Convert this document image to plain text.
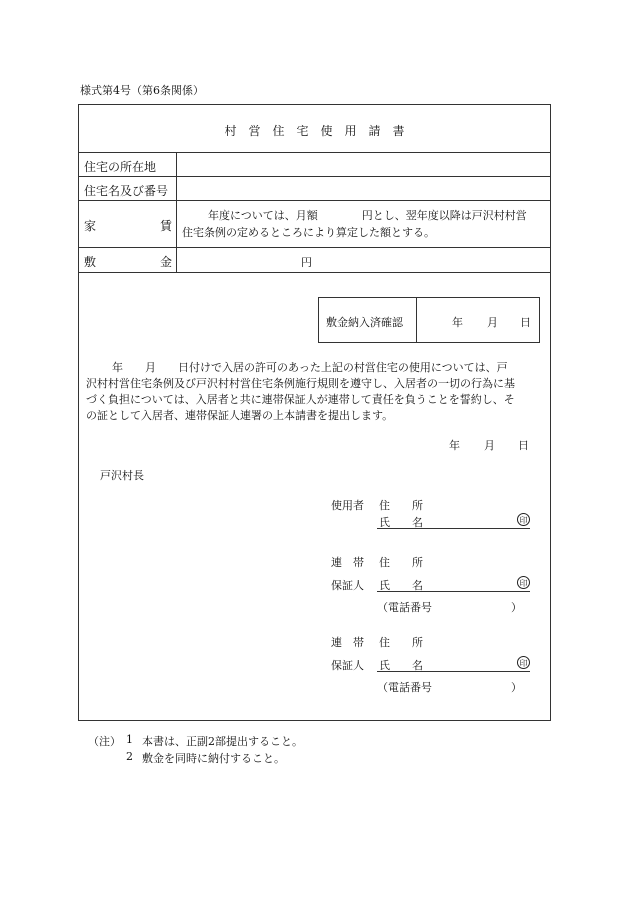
様式第4号（第6条関係）
村　営　住　宅　使　用　請　書
住宅の所在地
住宅名及び番号
家	賃
年度については、月額　　　　円とし、翌年度以降は戸沢村村営
住宅条例の定めるところにより算定した額とする。
敷	金	円
敷金納入済確認	年 月 日
　　年　　月　　日付けで入居の許可のあった上記の村営住宅の使用については、戸
沢村村営住宅条例及び戸沢村村営住宅条例施行規則を遵守し、入居者の一切の行為に基
づく負担については、入居者と共に連帯保証人が連帯して責任を負うことを誓約し、そ
の証として入居者、連帯保証人連署の上本請書を提出します。
年 月 日
戸沢村長
使用者 住　　所
氏　　名	印
連　帯
保証人
住　　所
氏　　名	印
（電話番号	）
連　帯
保証人
住　　所
氏　　名	印
（電話番号	）
（注） 1 本書は、正副2部提出すること。
2 敷金を同時に納付すること。
